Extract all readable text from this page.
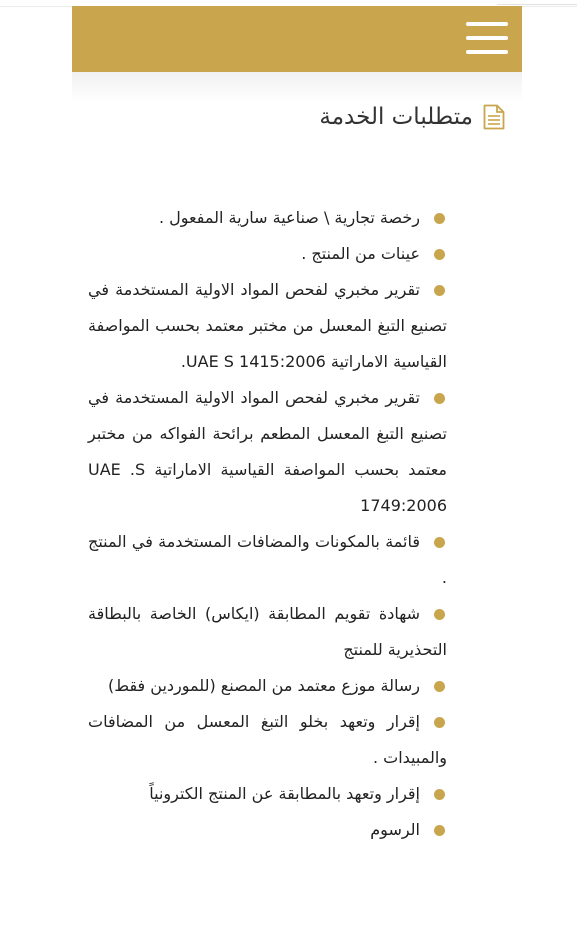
متطلبات الخدمة
رخصة تجارية \ صناعية سارية المفعول .
عينات من المنتج .
تقرير مخبري لفحص المواد الاولية المستخدمة في تصنيع التبغ المعسل من مختبر معتمد بحسب المواصفة القياسية الاماراتية UAE S 1415:2006.
تقرير مخبري لفحص المواد الاولية المستخدمة في تصنيع التبغ المعسل المطعم برائحة الفواكه من مختبر معتمد بحسب المواصفة القياسية الاماراتية UAE .S 1749:2006
قائمة بالمكونات والمضافات المستخدمة في المنتج .
شهادة تقويم المطابقة (ايكاس) الخاصة بالبطاقة التحذيرية للمنتج
رسالة موزع معتمد من المصنع (للموردين فقط)
إقرار وتعهد بخلو التبغ المعسل من المضافات والمبيدات .
إقرار وتعهد بالمطابقة عن المنتج الكترونياً
الرسوم
